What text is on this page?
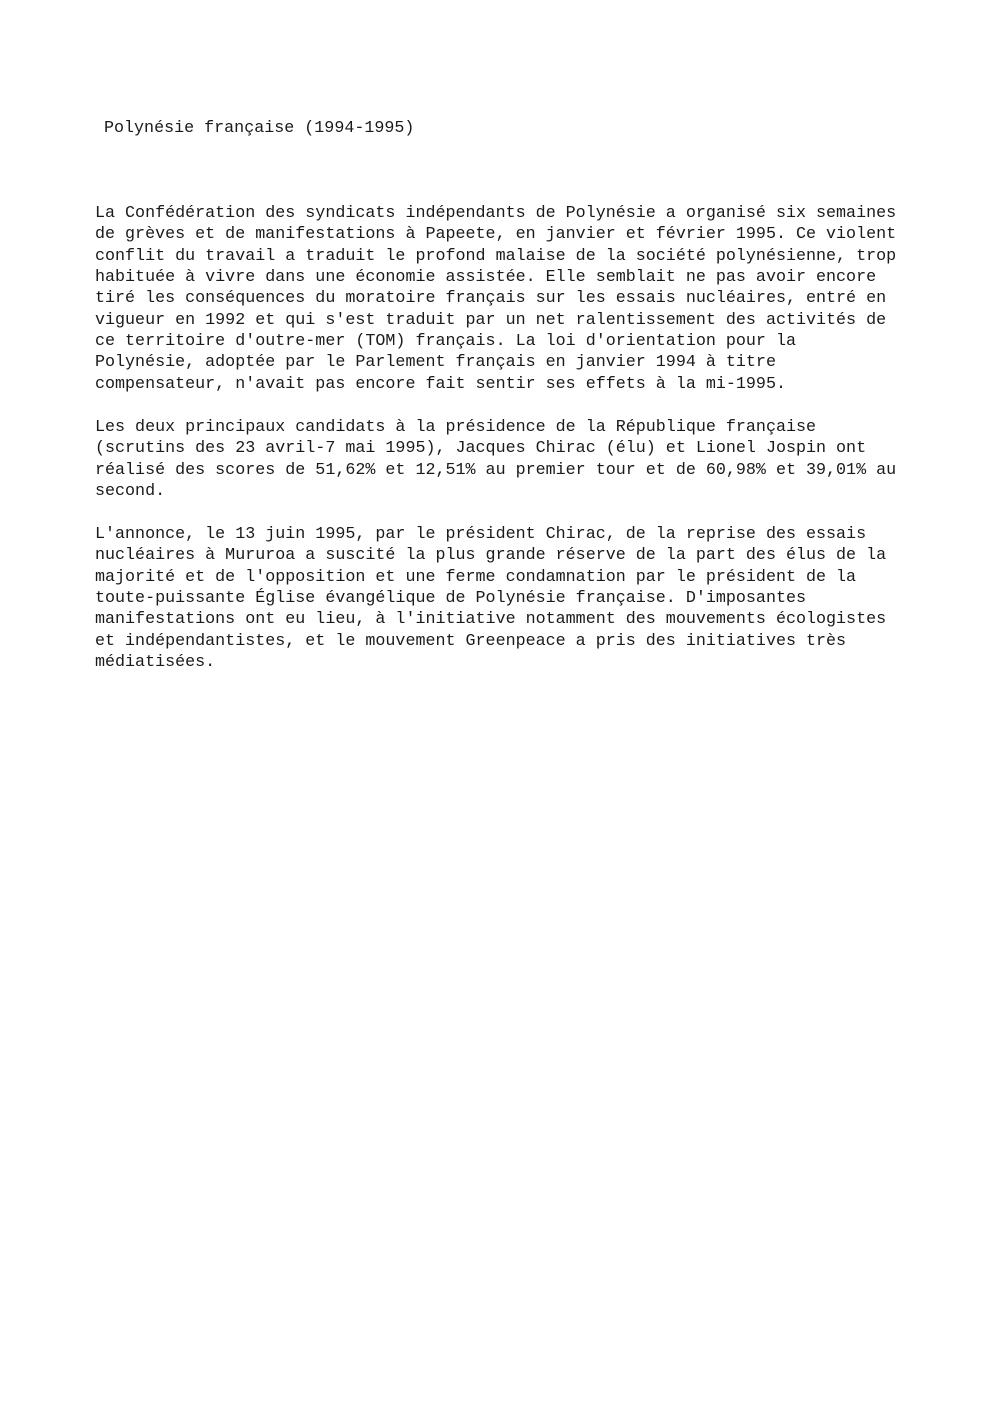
Polynésie française (1994-1995)
La Confédération des syndicats indépendants de Polynésie a organisé six semaines
de grèves et de manifestations à Papeete, en janvier et février 1995. Ce violent
conflit du travail a traduit le profond malaise de la société polynésienne, trop
habituée à vivre dans une économie assistée. Elle semblait ne pas avoir encore
tiré les conséquences du moratoire français sur les essais nucléaires, entré en
vigueur en 1992 et qui s'est traduit par un net ralentissement des activités de
ce territoire d'outre-mer (TOM) français. La loi d'orientation pour la
Polynésie, adoptée par le Parlement français en janvier 1994 à titre
compensateur, n'avait pas encore fait sentir ses effets à la mi-1995.
Les deux principaux candidats à la présidence de la République française
(scrutins des 23 avril-7 mai 1995), Jacques Chirac (élu) et Lionel Jospin ont
réalisé des scores de 51,62% et 12,51% au premier tour et de 60,98% et 39,01% au
second.
L'annonce, le 13 juin 1995, par le président Chirac, de la reprise des essais
nucléaires à Mururoa a suscité la plus grande réserve de la part des élus de la
majorité et de l'opposition et une ferme condamnation par le président de la
toute-puissante Église évangélique de Polynésie française. D'imposantes
manifestations ont eu lieu, à l'initiative notamment des mouvements écologistes
et indépendantistes, et le mouvement Greenpeace a pris des initiatives très
médiatisées.
